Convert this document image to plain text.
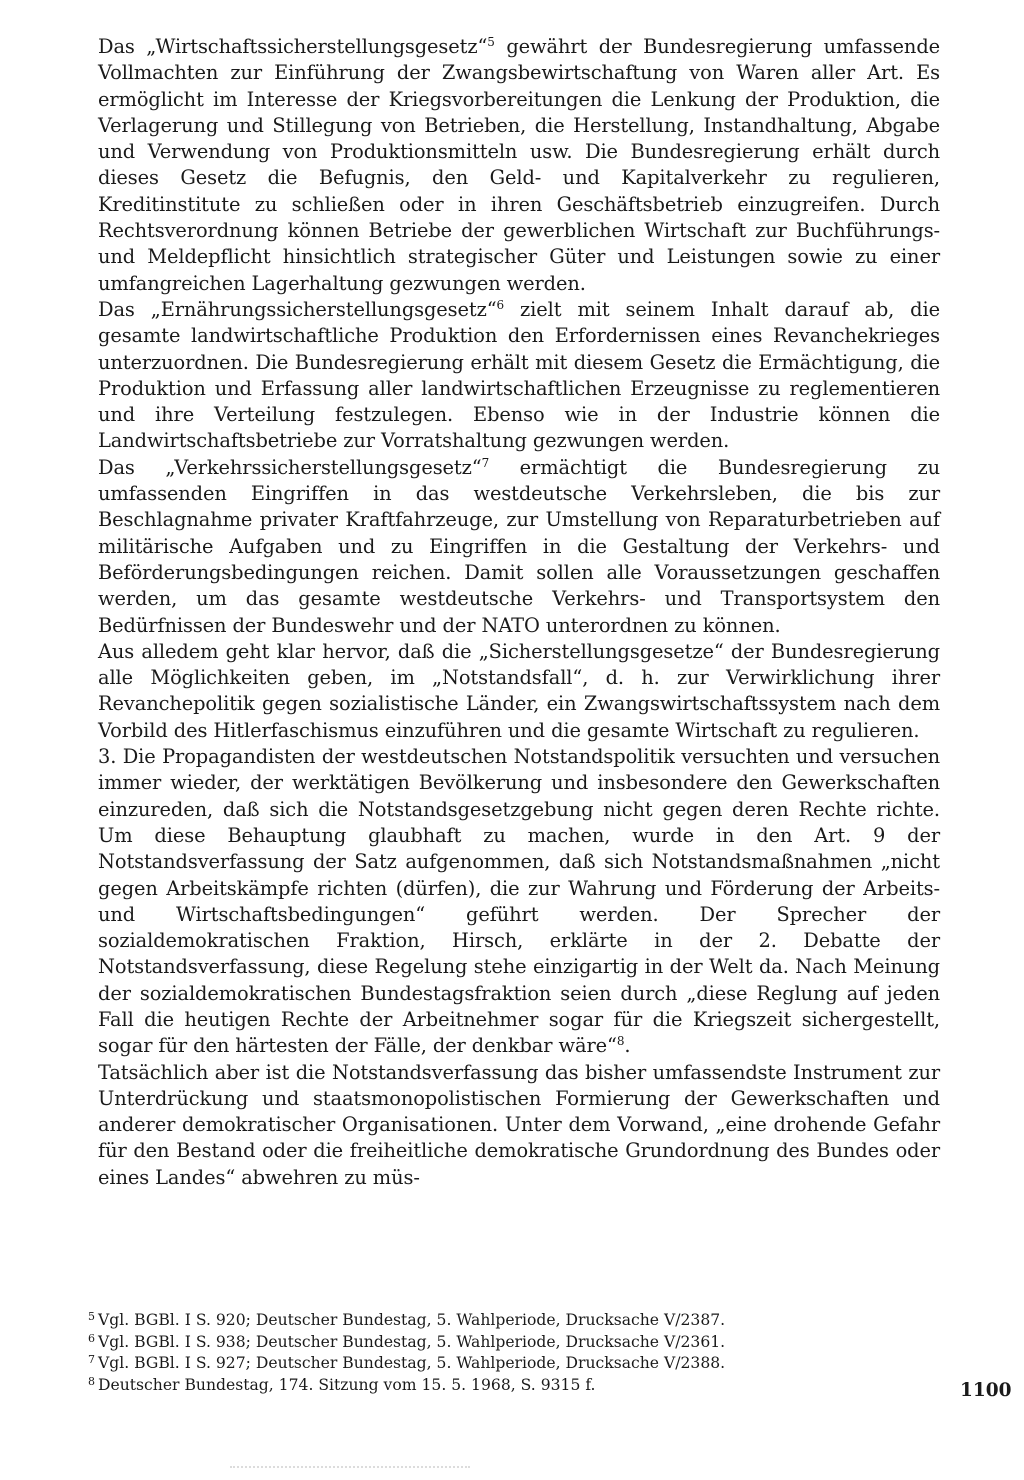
Das „Wirtschaftssicherstellungsgesetz“$^5$ gewährt der Bundesregierung umfassende Vollmachten zur Einführung der Zwangsbewirtschaftung von Waren aller Art. Es ermöglicht im Interesse der Kriegsvorbereitungen die Lenkung der Produktion, die Verlagerung und Stillegung von Betrieben, die Herstellung, Instandhaltung, Abgabe und Verwendung von Produktionsmitteln usw. Die Bundesregierung erhält durch dieses Gesetz die Befugnis, den Geld- und Kapitalverkehr zu regulieren, Kreditinstitute zu schließen oder in ihren Geschäftsbetrieb einzugreifen. Durch Rechtsverordnung können Betriebe der gewerblichen Wirtschaft zur Buchführungs- und Meldepflicht hinsichtlich strategischer Güter und Leistungen sowie zu einer umfangreichen Lagerhaltung gezwungen werden.

Das „Ernährungssicherstellungsgesetz“$^6$ zielt mit seinem Inhalt darauf ab, die gesamte landwirtschaftliche Produktion den Erfordernissen eines Revanchekrieges unterzuordnen. Die Bundesregierung erhält mit diesem Gesetz die Ermächtigung, die Produktion und Erfassung aller landwirtschaftlichen Erzeugnisse zu reglementieren und ihre Verteilung festzulegen. Ebenso wie in der Industrie können die Landwirtschaftsbetriebe zur Vorratshaltung gezwungen werden.

Das „Verkehrssicherstellungsgesetz“$^7$ ermächtigt die Bundesregierung zu umfassenden Eingriffen in das westdeutsche Verkehrsleben, die bis zur Beschlagnahme privater Kraftfahrzeuge, zur Umstellung von Reparaturbetrieben auf militärische Aufgaben und zu Eingriffen in die Gestaltung der Verkehrs- und Beförderungsbedingungen reichen. Damit sollen alle Voraussetzungen geschaffen werden, um das gesamte westdeutsche Verkehrs- und Transportsystem den Bedürfnissen der Bundeswehr und der NATO unterordnen zu können.

Aus alledem geht klar hervor, daß die „Sicherstellungsgesetze“ der Bundesregierung alle Möglichkeiten geben, im „Notstandsfall“, d. h. zur Verwirklichung ihrer Revanchepolitik gegen sozialistische Länder, ein Zwangswirtschaftssystem nach dem Vorbild des Hitlerfaschismus einzuführen und die gesamte Wirtschaft zu regulieren.

3. Die Propagandisten der westdeutschen Notstandspolitik versuchten und versuchen immer wieder, der werktätigen Bevölkerung und insbesondere den Gewerkschaften einzureden, daß sich die Notstandsgesetzgebung nicht gegen deren Rechte richte. Um diese Behauptung glaubhaft zu machen, wurde in den Art. 9 der Notstandsverfassung der Satz aufgenommen, daß sich Notstandsmaßnahmen „nicht gegen Arbeitskämpfe richten (dürfen), die zur Wahrung und Förderung der Arbeits- und Wirtschaftsbedingungen“ geführt werden. Der Sprecher der sozialdemokratischen Fraktion, Hirsch, erklärte in der 2. Debatte der Notstandsverfassung, diese Regelung stehe einzigartig in der Welt da. Nach Meinung der sozialdemokratischen Bundestagsfraktion seien durch „diese Reglung auf jeden Fall die heutigen Rechte der Arbeitnehmer sogar für die Kriegszeit sichergestellt, sogar für den härtesten der Fälle, der denkbar wäre“$^8$.

Tatsächlich aber ist die Notstandsverfassung das bisher umfassendste Instrument zur Unterdrückung und staatsmonopolistischen Formierung der Gewerkschaften und anderer demokratischer Organisationen. Unter dem Vorwand, „eine drohende Gefahr für den Bestand oder die freiheitliche demokratische Grundordnung des Bundes oder eines Landes“ abwehren zu müs-

$^5$ Vgl. BGBl. I S. 920; Deutscher Bundestag, 5. Wahlperiode, Drucksache V/2387.

$^6$ Vgl. BGBl. I S. 938; Deutscher Bundestag, 5. Wahlperiode, Drucksache V/2361.

$^7$ Vgl. BGBl. I S. 927; Deutscher Bundestag, 5. Wahlperiode, Drucksache V/2388.

$^8$ Deutscher Bundestag, 174. Sitzung vom 15. 5. 1968, S. 9315 f.	1100
